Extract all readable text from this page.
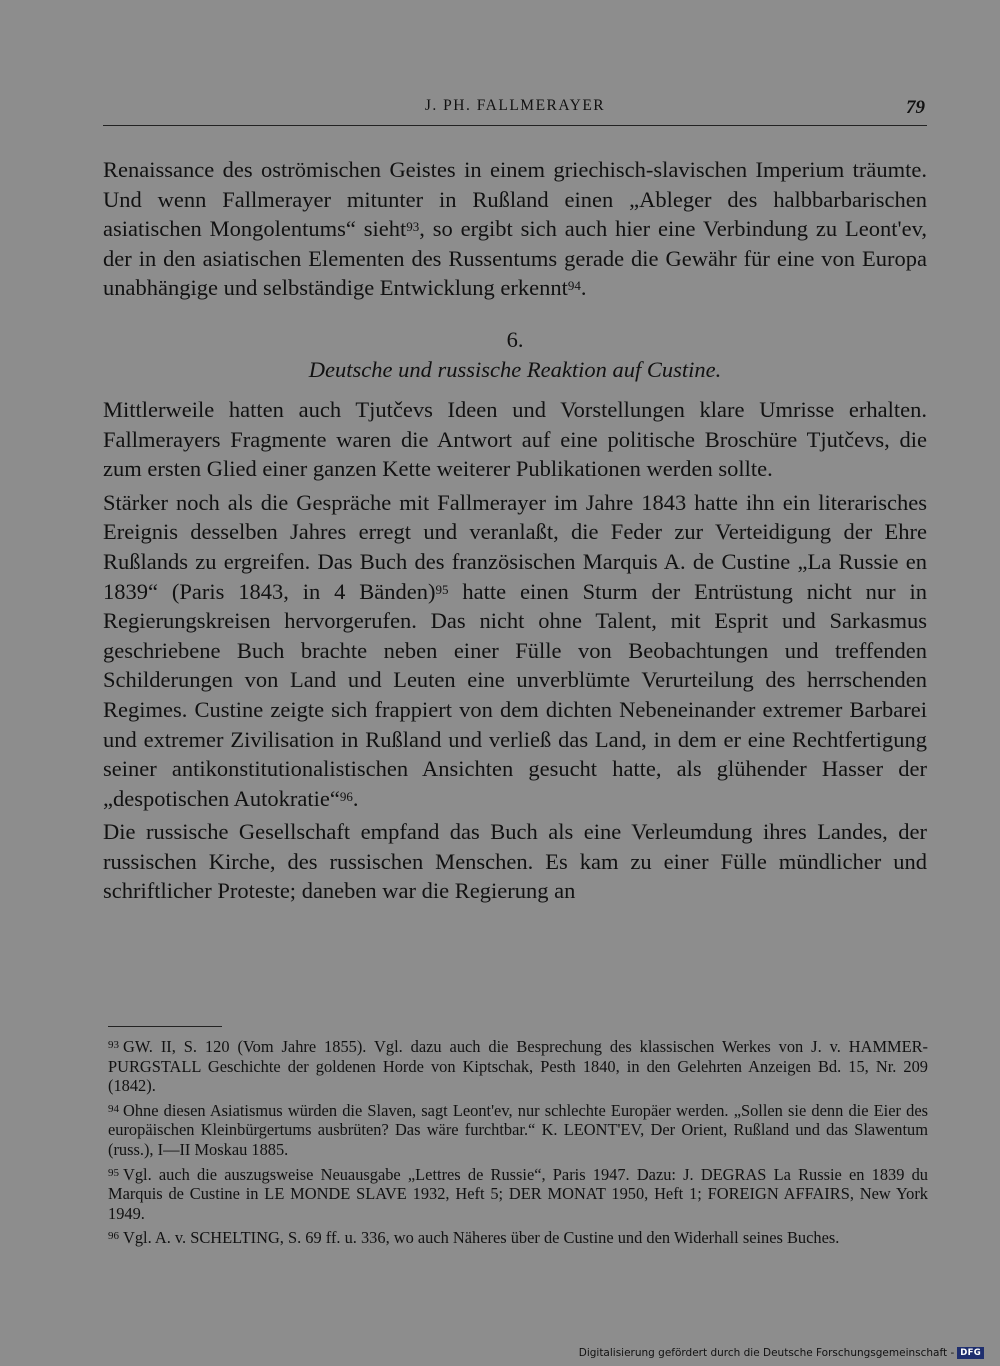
J. PH. FALLMERAYER	79

Renaissance des oströmischen Geistes in einem griechisch-slavischen Imperium träumte. Und wenn Fallmerayer mitunter in Rußland einen „Ableger des halbbarbarischen asiatischen Mongolentums“ sieht$^{93}$, so ergibt sich auch hier eine Verbindung zu Leont'ev, der in den asiatischen Elementen des Russentums gerade die Gewähr für eine von Europa unabhängige und selbständige Entwicklung erkennt$^{94}$.

6.
Deutsche und russische Reaktion auf Custine.

Mittlerweile hatten auch Tjutčevs Ideen und Vorstellungen klare Umrisse erhalten. Fallmerayers Fragmente waren die Antwort auf eine politische Broschüre Tjutčevs, die zum ersten Glied einer ganzen Kette weiterer Publikationen werden sollte.

Stärker noch als die Gespräche mit Fallmerayer im Jahre 1843 hatte ihn ein literarisches Ereignis desselben Jahres erregt und veranlaßt, die Feder zur Verteidigung der Ehre Rußlands zu ergreifen. Das Buch des französischen Marquis A. de Custine „La Russie en 1839“ (Paris 1843, in 4 Bänden)$^{95}$ hatte einen Sturm der Entrüstung nicht nur in Regierungskreisen hervorgerufen. Das nicht ohne Talent, mit Esprit und Sarkasmus geschriebene Buch brachte neben einer Fülle von Beobachtungen und treffenden Schilderungen von Land und Leuten eine unverblümte Verurteilung des herrschenden Regimes. Custine zeigte sich frappiert von dem dichten Nebeneinander extremer Barbarei und extremer Zivilisation in Rußland und verließ das Land, in dem er eine Rechtfertigung seiner antikonstitutionalistischen Ansichten gesucht hatte, als glühender Hasser der „despotischen Autokratie“$^{96}$.

Die russische Gesellschaft empfand das Buch als eine Verleumdung ihres Landes, der russischen Kirche, des russischen Menschen. Es kam zu einer Fülle mündlicher und schriftlicher Proteste; daneben war die Regierung an

$^{93}$ GW. II, S. 120 (Vom Jahre 1855). Vgl. dazu auch die Besprechung des klassischen Werkes von J. v. HAMMER-PURGSTALL Geschichte der goldenen Horde von Kiptschak, Pesth 1840, in den Gelehrten Anzeigen Bd. 15, Nr. 209 (1842).

$^{94}$ Ohne diesen Asiatismus würden die Slaven, sagt Leont'ev, nur schlechte Europäer werden. „Sollen sie denn die Eier des europäischen Kleinbürgertums ausbrüten? Das wäre furchtbar.“ K. LEONT'EV, Der Orient, Rußland und das Slawentum (russ.), I—II Moskau 1885.

$^{95}$ Vgl. auch die auszugsweise Neuausgabe „Lettres de Russie“, Paris 1947. Dazu: J. DEGRAS La Russie en 1839 du Marquis de Custine in LE MONDE SLAVE 1932, Heft 5; DER MONAT 1950, Heft 1; FOREIGN AFFAIRS, New York 1949.

$^{96}$ Vgl. A. v. SCHELTING, S. 69 ff. u. 336, wo auch Näheres über de Custine und den Widerhall seines Buches.

Digitalisierung gefördert durch die Deutsche Forschungsgemeinschaft - DFG
